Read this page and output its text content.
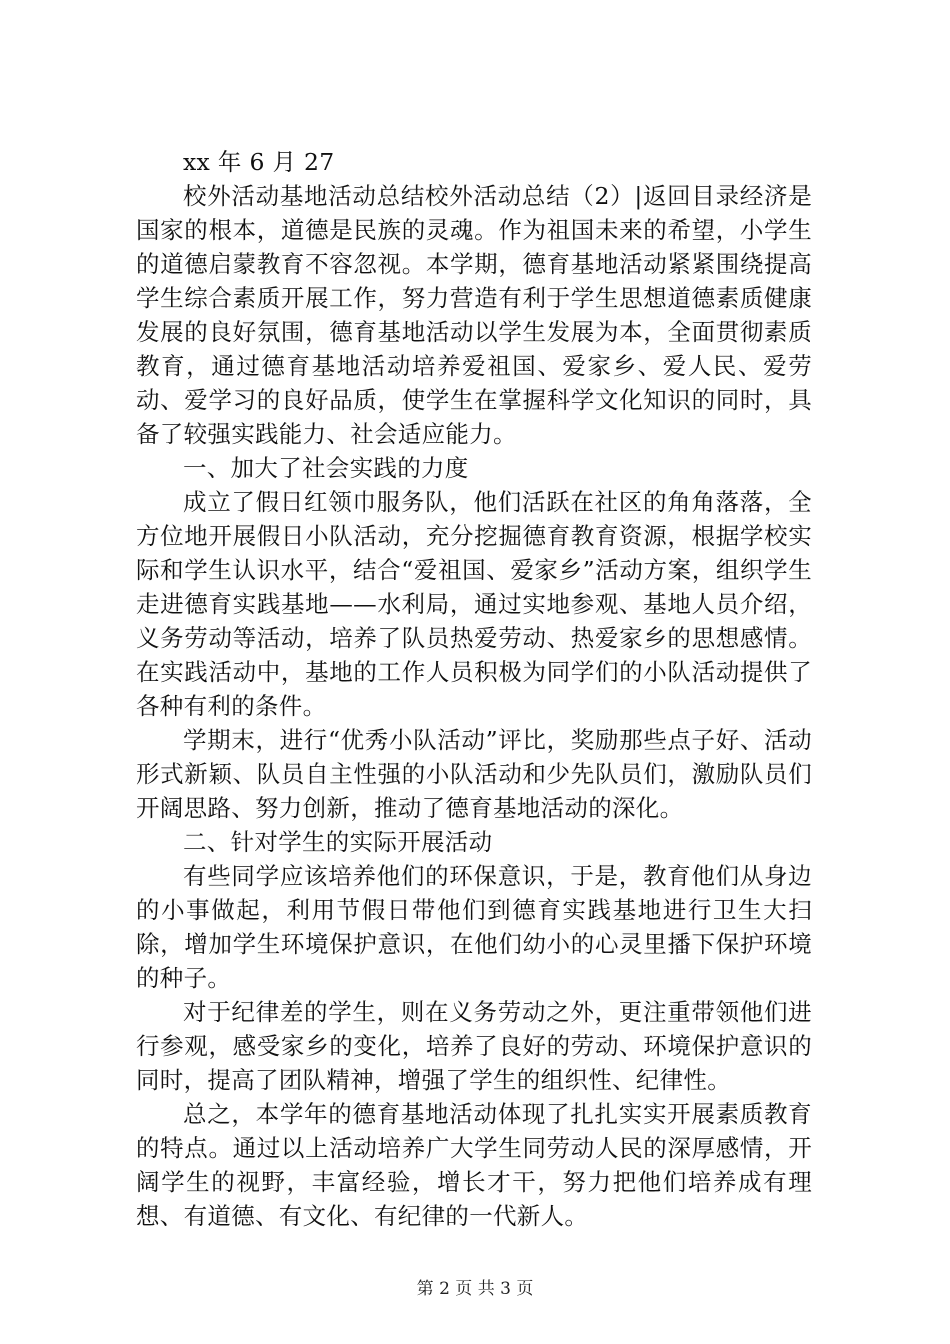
xx 年 6 月 27

校外活动基地活动总结校外活动总结（2）|返回目录经济是国家的根本，道德是民族的灵魂。作为祖国未来的希望，小学生的道德启蒙教育不容忽视。本学期，德育基地活动紧紧围绕提高学生综合素质开展工作，努力营造有利于学生思想道德素质健康发展的良好氛围，德育基地活动以学生发展为本，全面贯彻素质教育，通过德育基地活动培养爱祖国、爱家乡、爱人民、爱劳动、爱学习的良好品质，使学生在掌握科学文化知识的同时，具备了较强实践能力、社会适应能力。

一、加大了社会实践的力度

成立了假日红领巾服务队，他们活跃在社区的角角落落，全方位地开展假日小队活动，充分挖掘德育教育资源，根据学校实际和学生认识水平，结合“爱祖国、爱家乡”活动方案，组织学生走进德育实践基地——水利局，通过实地参观、基地人员介绍，义务劳动等活动，培养了队员热爱劳动、热爱家乡的思想感情。在实践活动中，基地的工作人员积极为同学们的小队活动提供了各种有利的条件。

学期末，进行“优秀小队活动”评比，奖励那些点子好、活动形式新颖、队员自主性强的小队活动和少先队员们，激励队员们开阔思路、努力创新，推动了德育基地活动的深化。

二、针对学生的实际开展活动

有些同学应该培养他们的环保意识，于是，教育他们从身边的小事做起，利用节假日带他们到德育实践基地进行卫生大扫除，增加学生环境保护意识，在他们幼小的心灵里播下保护环境的种子。

对于纪律差的学生，则在义务劳动之外，更注重带领他们进行参观，感受家乡的变化，培养了良好的劳动、环境保护意识的同时，提高了团队精神，增强了学生的组织性、纪律性。

总之，本学年的德育基地活动体现了扎扎实实开展素质教育的特点。通过以上活动培养广大学生同劳动人民的深厚感情，开阔学生的视野，丰富经验，增长才干，努力把他们培养成有理想、有道德、有文化、有纪律的一代新人。

第 2 页 共 3 页
